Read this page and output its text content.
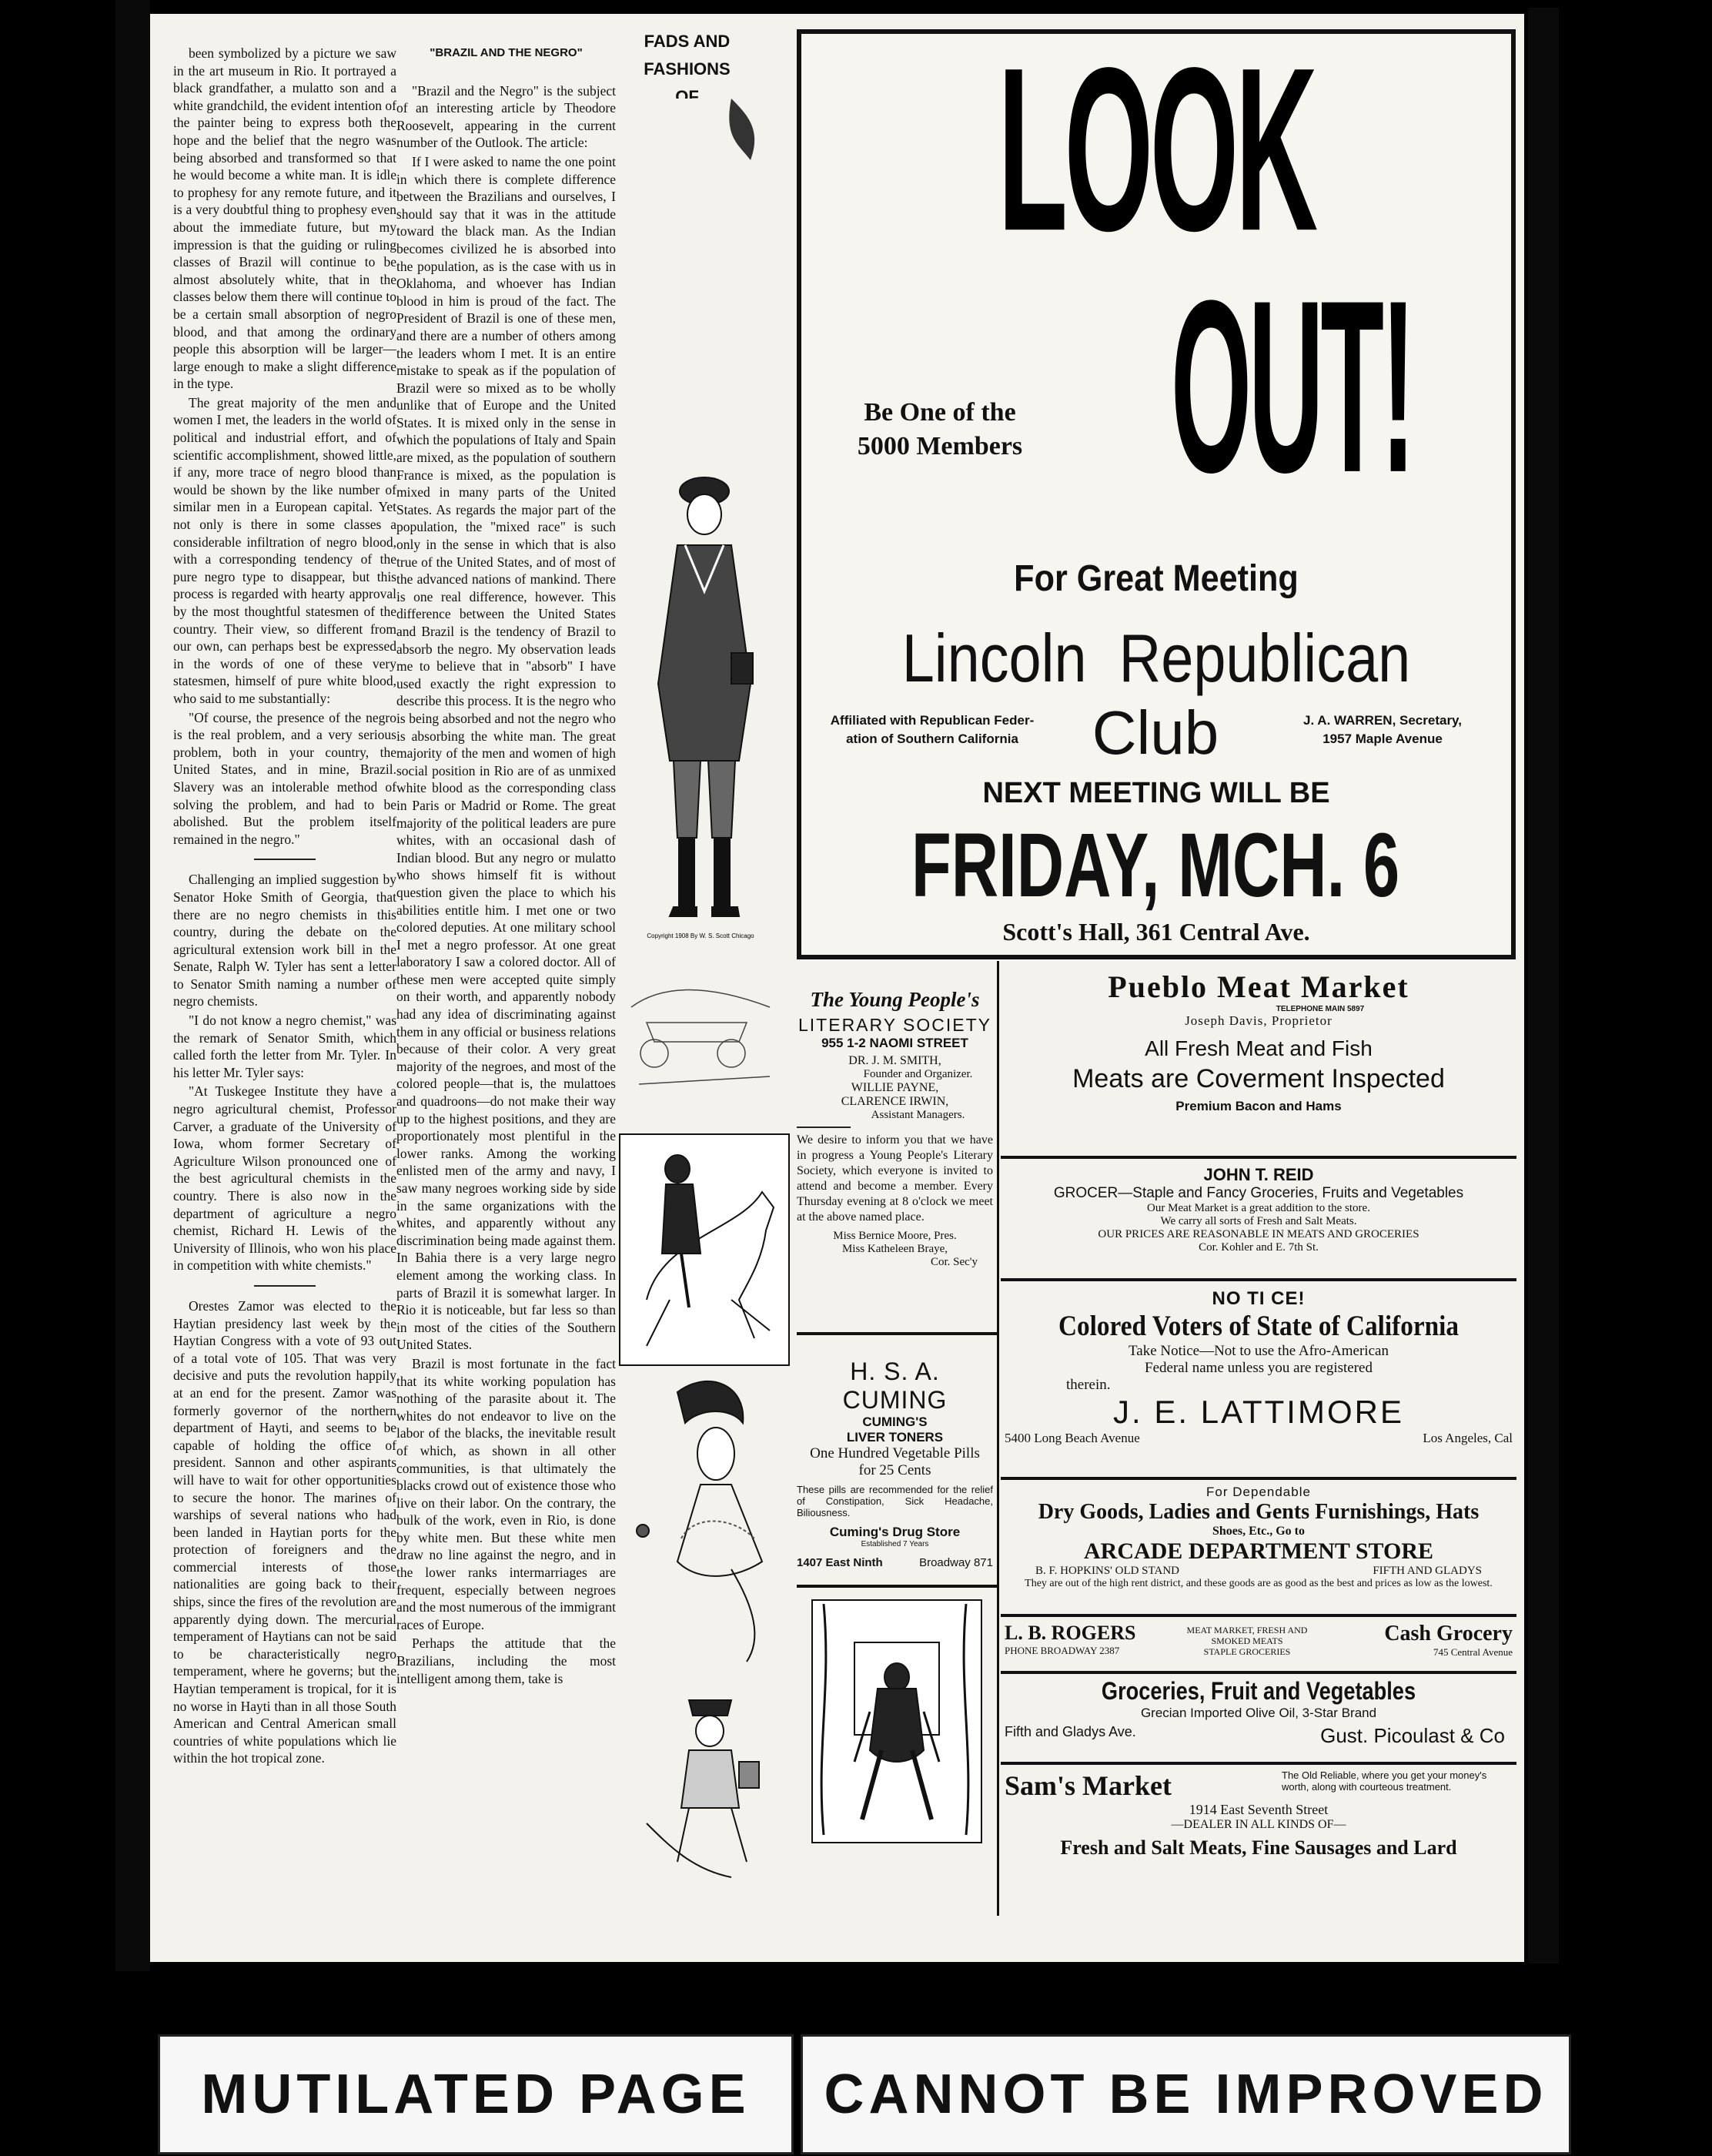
been symbolized by a picture we saw in the art museum in Rio. It portrayed a black grandfather, a mulatto son and a white grandchild, the evident intention of the painter being to express both the hope and the belief that the negro was being absorbed and transformed so that he would become a white man. It is idle to prophesy for any remote future, and it is a very doubtful thing to prophesy even about the immediate future, but my impression is that the guiding or ruling classes of Brazil will continue to be almost absolutely white, that in the classes below them there will continue to be a certain small absorption of negro blood, and that among the ordinary people this absorption will be larger—large enough to make a slight difference in the type.

The great majority of the men and women I met, the leaders in the world of political and industrial effort, and of scientific accomplishment, showed little, if any, more trace of negro blood than would be shown by the like number of similar men in a European capital. Yet not only is there in some classes a considerable infiltration of negro blood, with a corresponding tendency of the pure negro type to disappear, but this process is regarded with hearty approval by the most thoughtful statesmen of the country. Their view, so different from our own, can perhaps best be expressed in the words of one of these very statesmen, himself of pure white blood, who said to me substantially:

"Of course, the presence of the negro is the real problem, and a very serious problem, both in your country, the United States, and in mine, Brazil. Slavery was an intolerable method of solving the problem, and had to be abolished. But the problem itself remained in the negro."

Challenging an implied suggestion by Senator Hoke Smith of Georgia, that there are no negro chemists in this country, during the debate on the agricultural extension work bill in the Senate, Ralph W. Tyler has sent a letter to Senator Smith naming a number of negro chemists.

"I do not know a negro chemist," was the remark of Senator Smith, which called forth the letter from Mr. Tyler. In his letter Mr. Tyler says:

"At Tuskegee Institute they have a negro agricultural chemist, Professor Carver, a graduate of the University of Iowa, whom former Secretary of Agriculture Wilson pronounced one of the best agricultural chemists in the country. There is also now in the department of agriculture a negro chemist, Richard H. Lewis of the University of Illinois, who won his place in competition with white chemists."

Orestes Zamor was elected to the Haytian presidency last week by the Haytian Congress with a vote of 93 out of a total vote of 105. That was very decisive and puts the revolution happily at an end for the present. Zamor was formerly governor of the northern department of Hayti, and seems to be capable of holding the office of president. Sannon and other aspirants will have to wait for other opportunities to secure the honor. The marines of warships of several nations who had been landed in Haytian ports for the protection of foreigners and the commercial interests of those nationalities are going back to their ships, since the fires of the revolution are apparently dying down. The mercurial temperament of Haytians can not be said to be characteristically negro temperament, where he governs; but the Haytian temperament is tropical, for it is no worse in Hayti than in all those South American and Central American small countries of white populations which lie within the hot tropical zone.

"BRAZIL AND THE NEGRO"

"Brazil and the Negro" is the subject of an interesting article by Theodore Roosevelt, appearing in the current number of the Outlook. The article:

If I were asked to name the one point in which there is complete difference between the Brazilians and ourselves, I should say that it was in the attitude toward the black man. As the Indian becomes civilized he is absorbed into the population, as is the case with us in Oklahoma, and whoever has Indian blood in him is proud of the fact. The President of Brazil is one of these men, and there are a number of others among the leaders whom I met. It is an entire mistake to speak as if the population of Brazil were so mixed as to be wholly unlike that of Europe and the United States. It is mixed only in the sense in which the populations of Italy and Spain are mixed, as the population of southern France is mixed, as the population is mixed in many parts of the United States. As regards the major part of the population, the "mixed race" is such only in the sense in which that is also true of the United States, and of most of the advanced nations of mankind. There is one real difference, however. This difference between the United States and Brazil is the tendency of Brazil to absorb the negro. My observation leads me to believe that in "absorb" I have used exactly the right expression to describe this process. It is the negro who is being absorbed and not the negro who is absorbing the white man. The great majority of the men and women of high social position in Rio are of as unmixed white blood as the corresponding class in Paris or Madrid or Rome. The great majority of the political leaders are pure whites, with an occasional dash of Indian blood. But any negro or mulatto who shows himself fit is without question given the place to which his abilities entitle him. I met one or two colored deputies. At one military school I met a negro professor. At one great laboratory I saw a colored doctor. All of these men were accepted quite simply on their worth, and apparently nobody had any idea of discriminating against them in any official or business relations because of their color. A very great majority of the negroes, and most of the colored people—that is, the mulattoes and quadroons—do not make their way up to the highest positions, and they are proportionately most plentiful in the lower ranks. Among the working enlisted men of the army and navy, I saw many negroes working side by side in the same organizations with the whites, and apparently without any discrimination being made against them. In Bahia there is a very large negro element among the working class. In parts of Brazil it is somewhat larger. In Rio it is noticeable, but far less so than in most of the cities of the Southern United States.

Brazil is most fortunate in the fact that its white working population has nothing of the parasite about it. The whites do not endeavor to live on the labor of the blacks, the inevitable result of which, as shown in all other communities, is that ultimately the blacks crowd out of existence those who live on their labor. On the contrary, the bulk of the work, even in Rio, is done by white men. But these white men draw no line against the negro, and in the lower ranks intermarriages are frequent, especially between negroes and the most numerous of the immigrant races of Europe.

Perhaps the attitude that the Brazilians, including the most intelligent among them, take is

FADS AND FASHIONS
OF
Copyright 1908 By W. S. Scott Chicago
LOOK
OUT!
Be One of the
5000 Members
For Great Meeting
Lincoln  Republican
Affiliated with Republican Feder-
ation of Southern California	Club	J. A. WARREN, Secretary,
1957 Maple Avenue
NEXT MEETING WILL BE
FRIDAY, MCH. 6
Scott's Hall, 361 Central Ave.
The Young People's
LITERARY SOCIETY
955 1-2 NAOMI STREET
DR. J. M. SMITH,
Founder and Organizer.
WILLIE PAYNE,
CLARENCE IRWIN,
Assistant Managers.
We desire to inform you that we have in progress a Young People's Literary Society, which everyone is invited to attend and become a member. Every Thursday evening at 8 o'clock we meet at the above named place.
Miss Bernice Moore, Pres.
Miss Katheleen Braye,
Cor. Sec'y
H. S. A. CUMING
CUMING'S
LIVER TONERS
One Hundred Vegetable Pills
for 25 Cents
These pills are recommended for the relief of Constipation, Sick Headache, Biliousness.
Cuming's Drug Store
Established 7 Years
1407 East Ninth	Broadway 871
Pueblo Meat Market
TELEPHONE MAIN 5897
Joseph Davis, Proprietor
All Fresh Meat and Fish
Meats are Coverment Inspected
Premium Bacon and Hams
JOHN T. REID
GROCER—Staple and Fancy Groceries, Fruits and Vegetables
Our Meat Market is a great addition to the store.
We carry all sorts of Fresh and Salt Meats.
OUR PRICES ARE REASONABLE IN MEATS AND GROCERIES
Cor. Kohler and E. 7th St.
NO TI CE!
Colored Voters of State of California
Take Notice—Not to use the Afro-American
Federal name unless you are registered
therein.
J. E. LATTIMORE
5400 Long Beach Avenue	Los Angeles, Cal
For Dependable
Dry Goods, Ladies and Gents Furnishings, Hats
Shoes, Etc., Go to
ARCADE DEPARTMENT STORE
B. F. HOPKINS' OLD STAND	FIFTH AND GLADYS
They are out of the high rent district, and these goods are as good as the best and prices as low as the lowest.
L. B. ROGERS
PHONE BROADWAY 2387
MEAT MARKET, FRESH AND SMOKED MEATS
STAPLE GROCERIES
Cash Grocery
745 Central Avenue
Groceries, Fruit and Vegetables
Grecian Imported Olive Oil, 3-Star Brand
Fifth and Gladys Ave.	Gust. Picoulast & Co
Sam's Market	The Old Reliable, where you get your money's worth, along with courteous treatment.
1914 East Seventh Street
—DEALER IN ALL KINDS OF—
Fresh and Salt Meats, Fine Sausages and Lard
MUTILATED PAGE CANNOT BE IMPROVED
